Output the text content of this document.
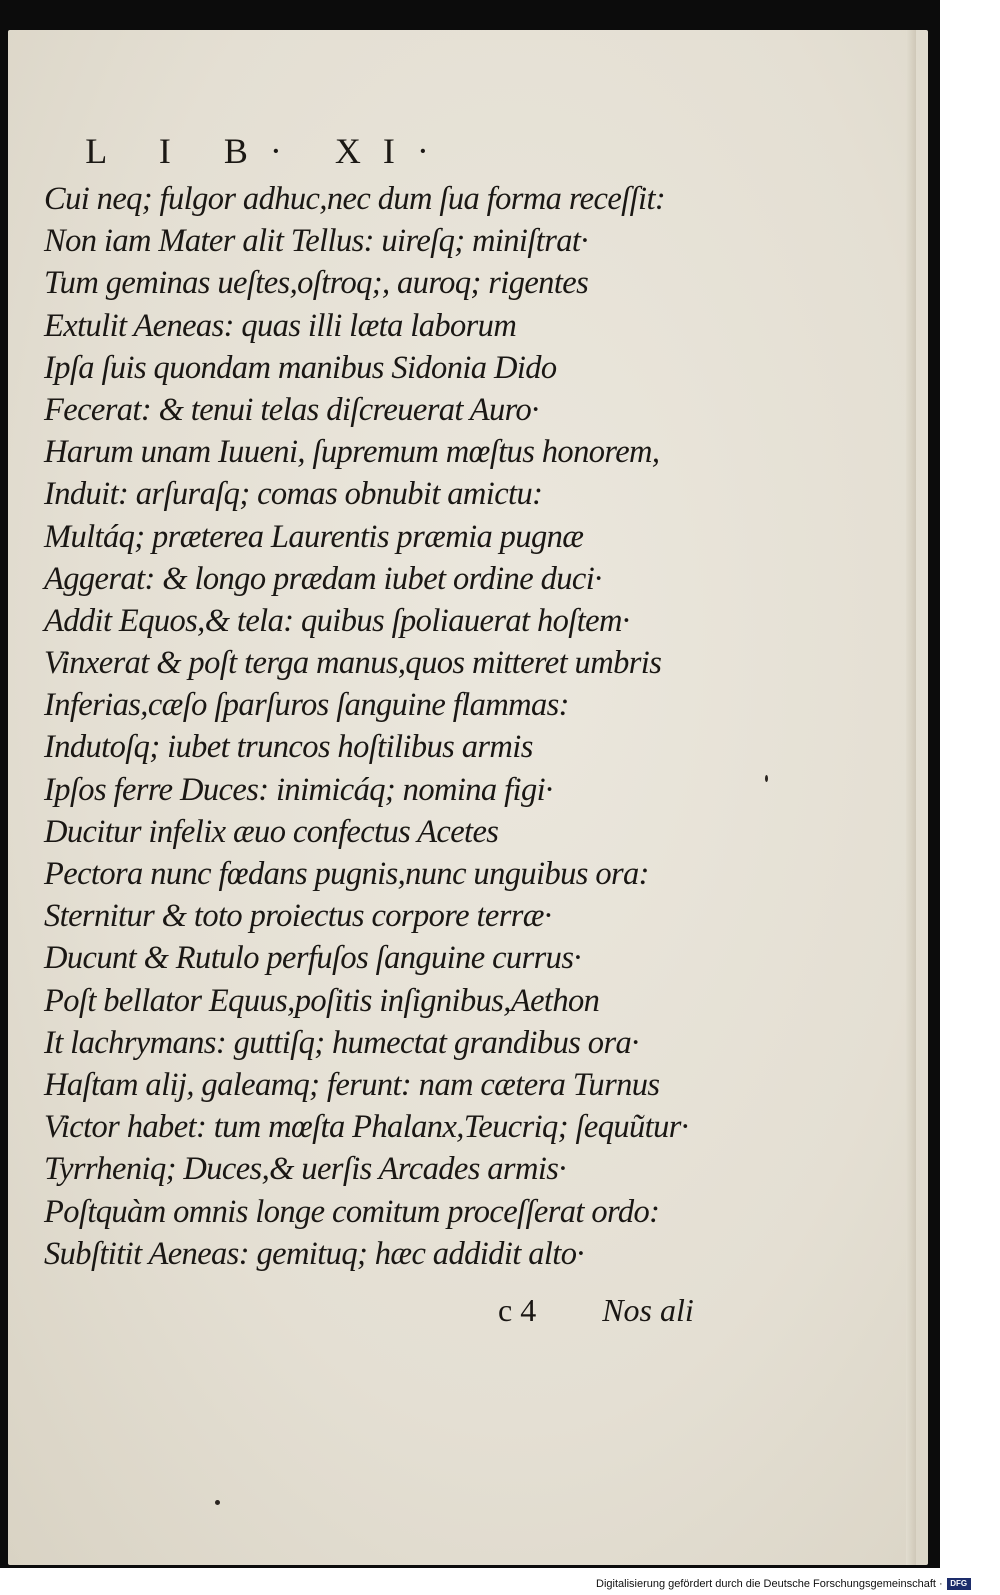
L I B· XI·
Cui neq; fulgor adhuc,nec dum ſua forma receſſit:
Non iam Mater alit Tellus: uireſq; miniſtrat·
Tum geminas ueſtes,oſtroq;, auroq; rigentes
Extulit Aeneas: quas illi læta laborum
Ipſa ſuis quondam manibus Sidonia Dido
Fecerat: & tenui telas diſcreuerat Auro·
Harum unam Iuueni, ſupremum mœſtus honorem,
Induit: arſuraſq; comas obnubit amictu:
Multáq; præterea Laurentis præmia pugnæ
Aggerat: & longo prædam iubet ordine duci·
Addit Equos,& tela: quibus ſpoliauerat hoſtem·
Vinxerat & poſt terga manus,quos mitteret umbris
Inferias,cæſo ſparſuros ſanguine flammas:
Indutoſq; iubet truncos hoſtilibus armis
Ipſos ferre Duces: inimicáq; nomina figi·
Ducitur infelix æuo confectus Acetes
Pectora nunc fœdans pugnis,nunc unguibus ora:
Sternitur & toto proiectus corpore terræ·
Ducunt & Rutulo perfuſos ſanguine currus·
Poſt bellator Equus,poſitis inſignibus,Aethon
It lachrymans: guttiſq; humectat grandibus ora·
Haſtam alij, galeamq; ferunt: nam cætera Turnus
Victor habet: tum mœſta Phalanx,Teucriq; ſequũtur·
Tyrrheniq; Duces,& uerſis Arcades armis·
Poſtquàm omnis longe comitum proceſſerat ordo:
Subſtitit Aeneas: gemituq; hæc addidit alto·
c 4 Nos ali
Digitalisierung gefördert durch die Deutsche Forschungsgemeinschaft · DFG
